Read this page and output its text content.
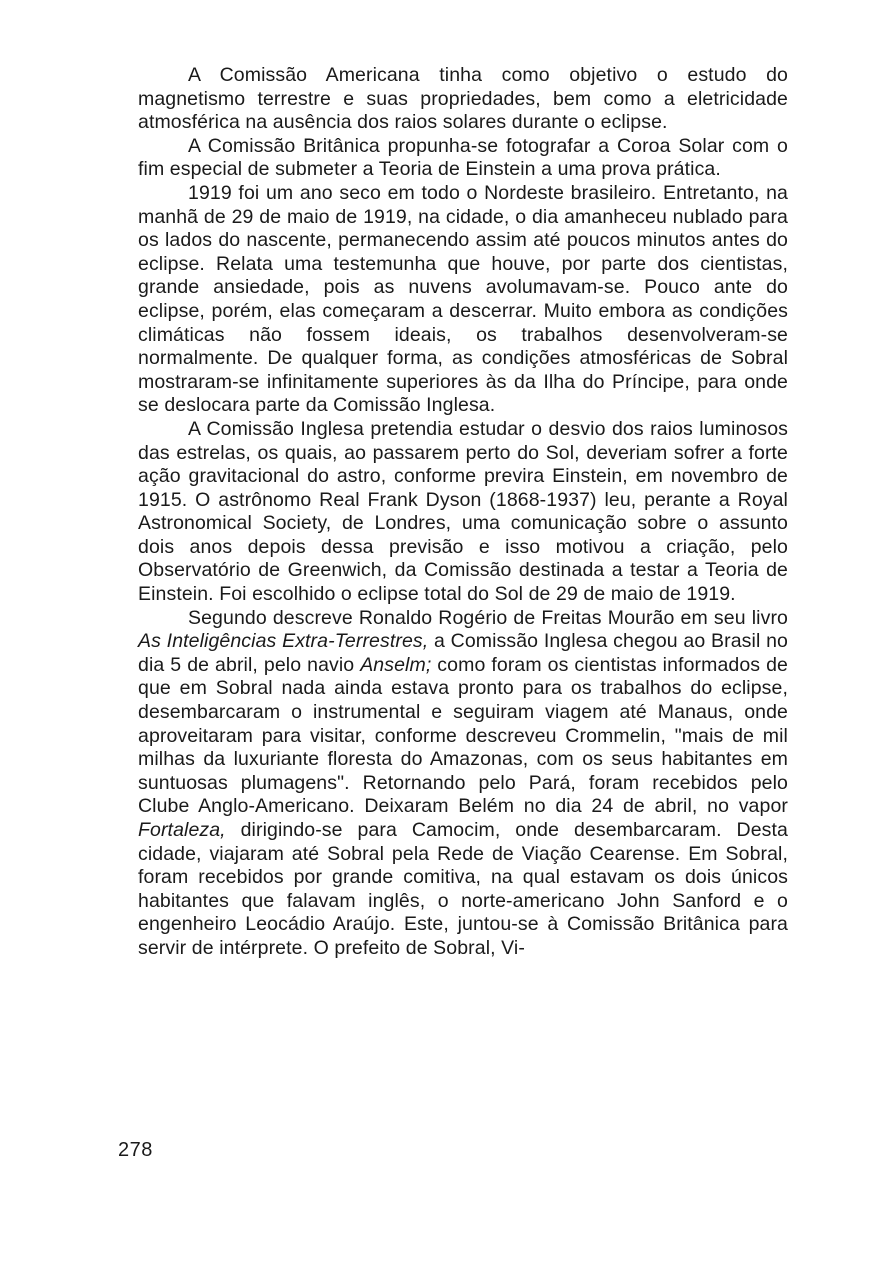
A Comissão Americana tinha como objetivo o estudo do magnetismo terrestre e suas propriedades, bem como a eletricidade atmosférica na ausência dos raios solares durante o eclipse.

A Comissão Britânica propunha-se fotografar a Coroa Solar com o fim especial de submeter a Teoria de Einstein a uma prova prática.

1919 foi um ano seco em todo o Nordeste brasileiro. Entretanto, na manhã de 29 de maio de 1919, na cidade, o dia amanheceu nublado para os lados do nascente, permanecendo assim até poucos minutos antes do eclipse. Relata uma testemunha que houve, por parte dos cientistas, grande ansiedade, pois as nuvens avolumavam-se. Pouco ante do eclipse, porém, elas começaram a descerrar. Muito embora as condições climáticas não fossem ideais, os trabalhos desenvolveram-se normalmente. De qualquer forma, as condições atmosféricas de Sobral mostraram-se infinitamente superiores às da Ilha do Príncipe, para onde se deslocara parte da Comissão Inglesa.

A Comissão Inglesa pretendia estudar o desvio dos raios luminosos das estrelas, os quais, ao passarem perto do Sol, deveriam sofrer a forte ação gravitacional do astro, conforme previra Einstein, em novembro de 1915. O astrônomo Real Frank Dyson (1868-1937) leu, perante a Royal Astronomical Society, de Londres, uma comunicação sobre o assunto dois anos depois dessa previsão e isso motivou a criação, pelo Observatório de Greenwich, da Comissão destinada a testar a Teoria de Einstein. Foi escolhido o eclipse total do Sol de 29 de maio de 1919.

Segundo descreve Ronaldo Rogério de Freitas Mourão em seu livro As Inteligências Extra-Terrestres, a Comissão Inglesa chegou ao Brasil no dia 5 de abril, pelo navio Anselm; como foram os cientistas informados de que em Sobral nada ainda estava pronto para os trabalhos do eclipse, desembarcaram o instrumental e seguiram viagem até Manaus, onde aproveitaram para visitar, conforme descreveu Crommelin, "mais de mil milhas da luxuriante floresta do Amazonas, com os seus habitantes em suntuosas plumagens". Retornando pelo Pará, foram recebidos pelo Clube Anglo-Americano. Deixaram Belém no dia 24 de abril, no vapor Fortaleza, dirigindo-se para Camocim, onde desembarcaram. Desta cidade, viajaram até Sobral pela Rede de Viação Cearense. Em Sobral, foram recebidos por grande comitiva, na qual estavam os dois únicos habitantes que falavam inglês, o norte-americano John Sanford e o engenheiro Leocádio Araújo. Este, juntou-se à Comissão Britânica para servir de intérprete. O prefeito de Sobral, Vi-

278
